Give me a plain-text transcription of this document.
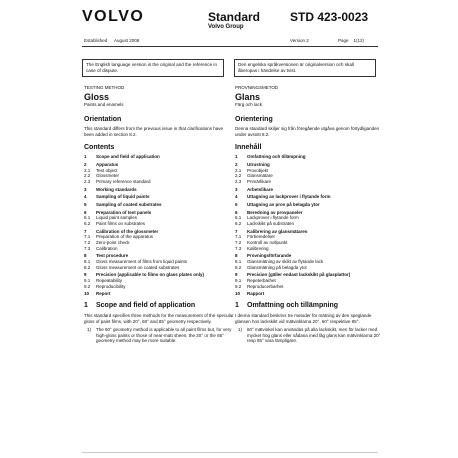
VOLVO	Standard
Volvo Group
STD 423-0023
Established August 2008	Version 2	Page    1(12)
The English language version is the original and the reference in case of dispute.
Den engelska språkversionen är originalversion och skall åberopas i händelse av tvist.
TESTING METHOD
Gloss
Paints and enamels
Orientation
This standard differs from the previous issue in that clarifications have been added in section 8.2.
Contents
1	Scope and field of application
2	Apparatus
2.1	Test object
2.2	Glossmeter
2.3	Primary reference standard
3	Working standards
4	Sampling of liquid paints
5	Sampling of coated substrates
6	Preparation of test panels
6.1	Liquid paint samples
6.2	Paint films on substrates
7	Calibration of the glossmeter
7.1	Preparation of the apparatus
7.2	Zero-point check
7.3	Calibration
8	Test procedure
8.1	Gloss measurement of films from liquid paints
8.2	Gloss measurement on coated substrates
9	Precision (applicable to films on glass plates only)
9.1	Repeatability
9.2	Reproducibility
10	Report
1	Scope and field of application
This standard specifies three methods for the measurement of the specular gloss of paint films, with 20°, 60° and 85° geometry respectively.
1)	The 60° geometry method is applicable to all paint films but, for very high-gloss paints or those of near-matt sheen, the 20° or the 85° geometry method may be more suitable.
PROVNINGSMETOD
Glans
Färg och lack
Orientering
Denna standard skiljer sig från föregående utgåva genom förtydliganden under avsnitt 8.2.
Innehåll
1	Omfattning och tillämpning
2	Utrustning
2.1	Provobjekt
2.2	Glansmätare
2.3	Primärlikare
3	Arbetslikare
4	Uttagning av lackprover i flytande form
5	Uttagning av prov på belagda ytor
6	Beredning av provpaneler
6.1	Lackprover i flytande form
6.2	Lackskikt på substraten
7	Kalibrering av glansmätaren
7.1	Förberedelser
7.2	Kontroll av nollpunkt
7.3	Kalibrering
8	Provningsförfarande
8.1	Glansmätning av skikt av flytande lack
8.2	Glansmätning på belagda ytor
9	Precision (gäller endast lackskikt på glasplattor)
9.1	Repeterbarhet
9.2	Reproducerbarhet
10	Rapport
1	Omfattning och tillämpning
I denna standard beskrivs tre metoder för mätning av den speglande glansen hos lackskikt vid mätvinklarna 20°, 60° respektive 85°.
1)	60° mätvinkel kan användas på alla lackskikt, men för lacker med mycket hög glans eller sådana med låg glans kan mätvinklarna 20° resp 85° vara lämpligare.
